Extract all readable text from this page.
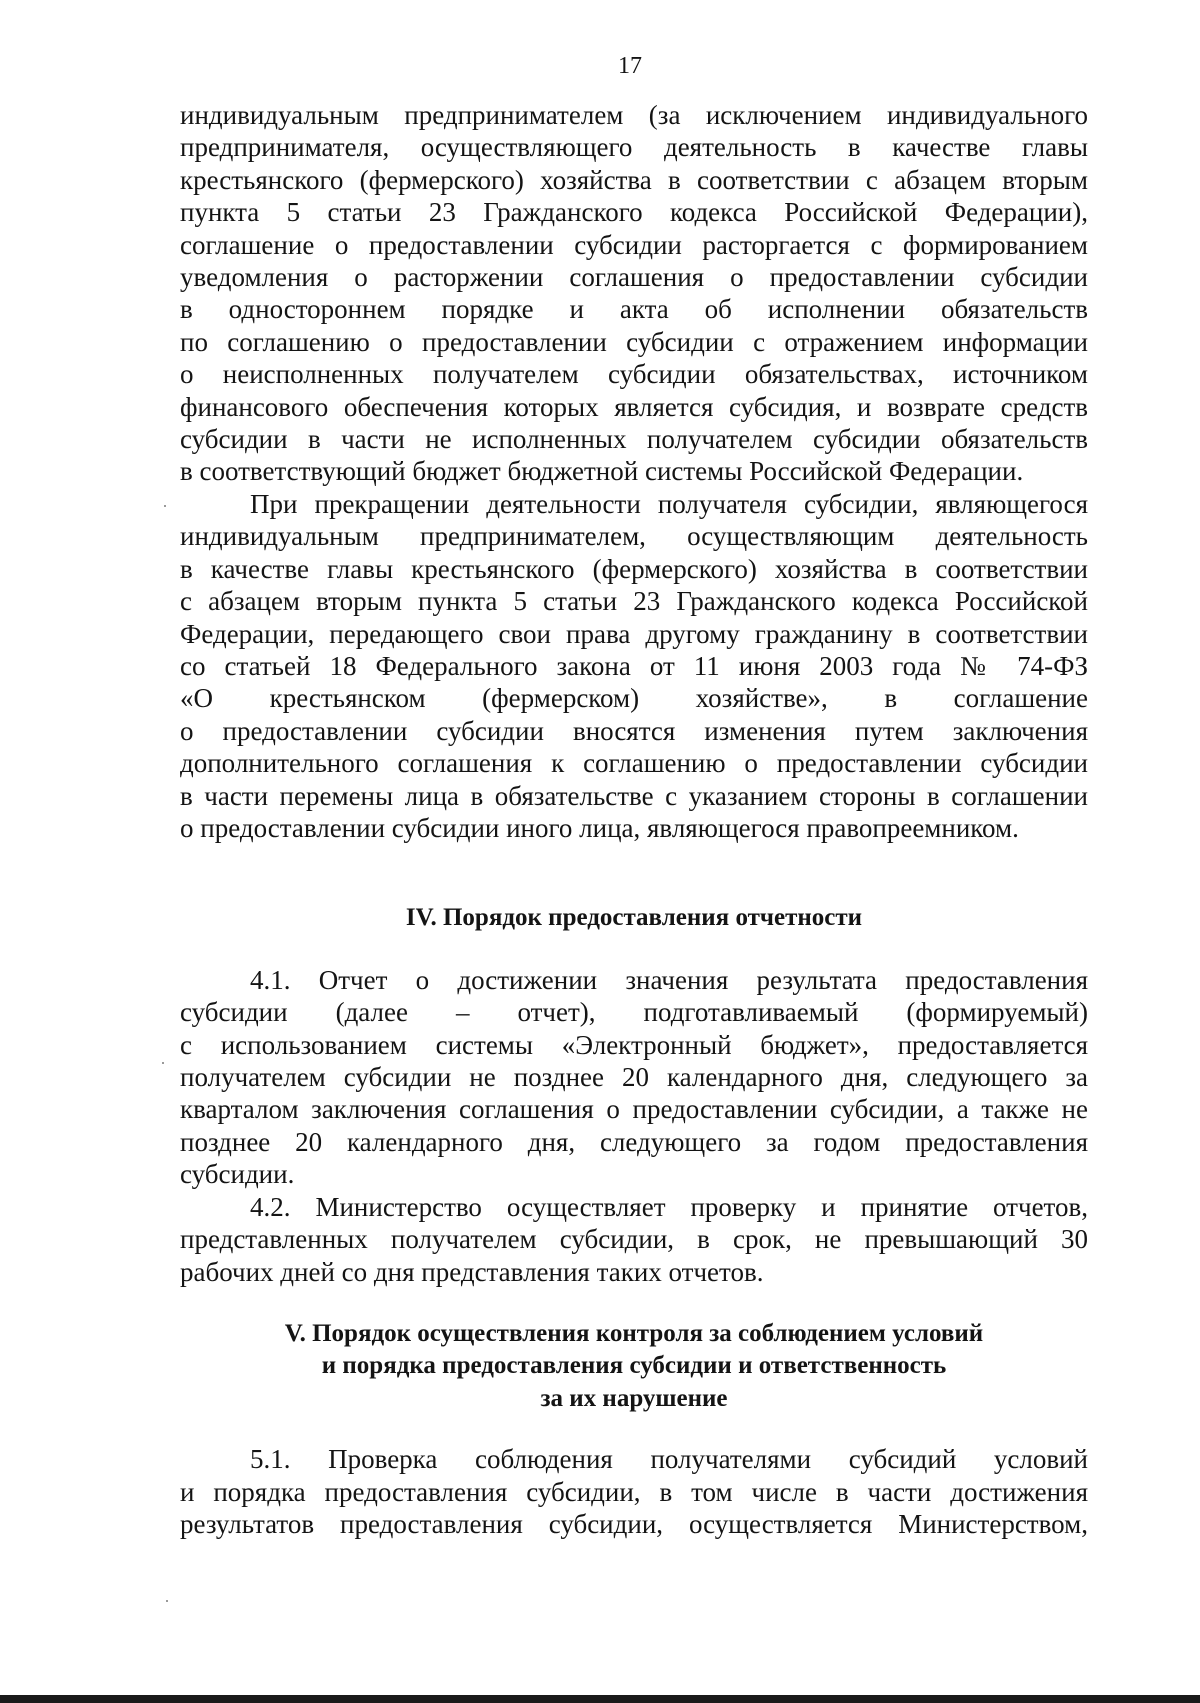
17

индивидуальным предпринимателем (за исключением индивидуального

предпринимателя, осуществляющего деятельность в качестве главы

крестьянского (фермерского) хозяйства в соответствии с абзацем вторым

пункта 5 статьи 23 Гражданского кодекса Российской Федерации),

соглашение о предоставлении субсидии расторгается с формированием

уведомления о расторжении соглашения о предоставлении субсидии

в одностороннем порядке и акта об исполнении обязательств

по соглашению о предоставлении субсидии с отражением информации

о неисполненных получателем субсидии обязательствах, источником

финансового обеспечения которых является субсидия, и возврате средств

субсидии в части не исполненных получателем субсидии обязательств

в соответствующий бюджет бюджетной системы Российской Федерации.

При прекращении деятельности получателя субсидии, являющегося

индивидуальным предпринимателем, осуществляющим деятельность

в качестве главы крестьянского (фермерского) хозяйства в соответствии

с абзацем вторым пункта 5 статьи 23 Гражданского кодекса Российской

Федерации, передающего свои права другому гражданину в соответствии

со статьей 18 Федерального закона от 11 июня 2003 года № 74-ФЗ

«О крестьянском (фермерском) хозяйстве», в соглашение

о предоставлении субсидии вносятся изменения путем заключения

дополнительного соглашения к соглашению о предоставлении субсидии

в части перемены лица в обязательстве с указанием стороны в соглашении

о предоставлении субсидии иного лица, являющегося правопреемником.

IV. Порядок предоставления отчетности

4.1. Отчет о достижении значения результата предоставления

субсидии (далее – отчет), подготавливаемый (формируемый)

с использованием системы «Электронный бюджет», предоставляется

получателем субсидии не позднее 20 календарного дня, следующего за

кварталом заключения соглашения о предоставлении субсидии, а также не

позднее 20 календарного дня, следующего за годом предоставления

субсидии.

4.2. Министерство осуществляет проверку и принятие отчетов,

представленных получателем субсидии, в срок, не превышающий 30

рабочих дней со дня представления таких отчетов.

V. Порядок осуществления контроля за соблюдением условий
и порядка предоставления субсидии и ответственность
за их нарушение

5.1. Проверка соблюдения получателями субсидий условий

и порядка предоставления субсидии, в том числе в части достижения

результатов предоставления субсидии, осуществляется Министерством,
